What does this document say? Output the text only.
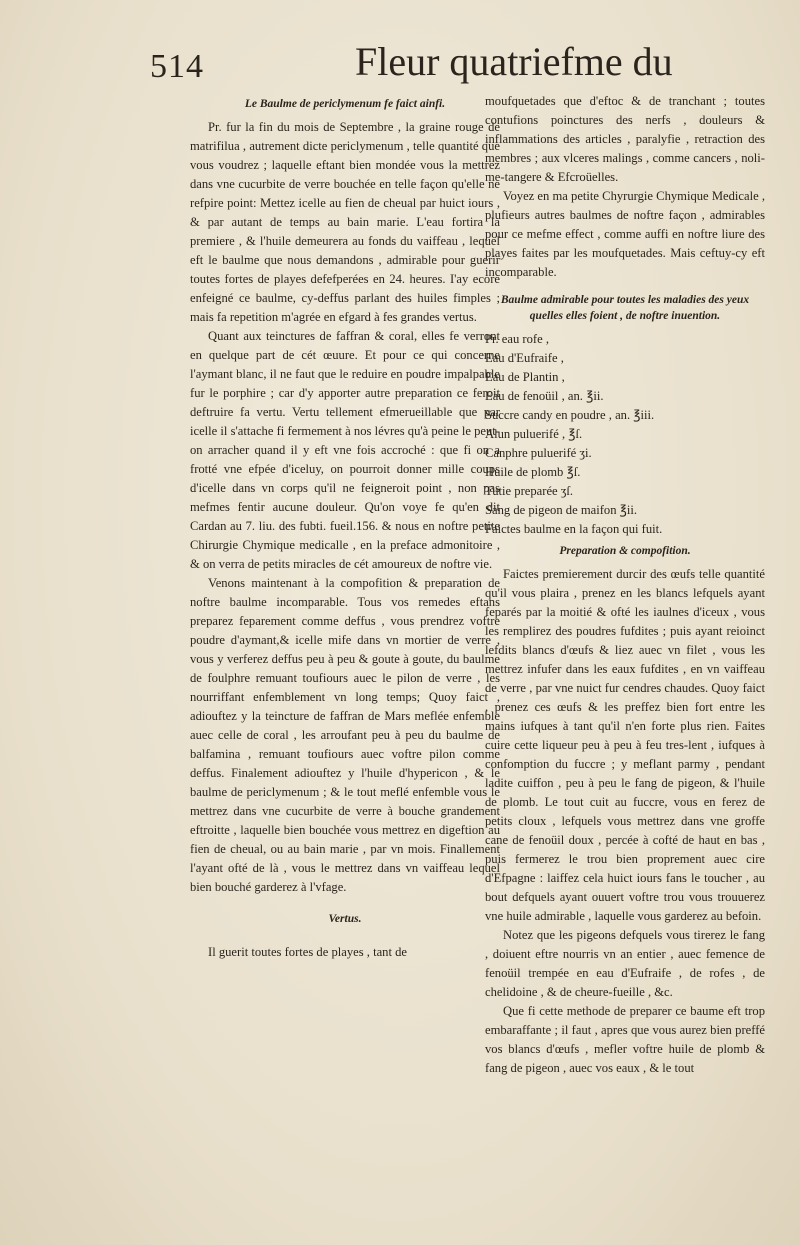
514	Fleur quatriefme du
Le Baulme de periclymenum fe faict ainfi.

Pr. fur la fin du mois de Septembre , la graine rouge de matrifilua , autrement dicte periclymenum , telle quantité que vous voudrez ; laquelle eftant bien mondée vous la mettrez dans vne cucurbite de verre bouchée en telle façon qu'elle ne refpire point: Mettez icelle au fien de cheual par huict iours , & par autant de temps au bain marie. L'eau fortira la premiere , & l'huile demeurera au fonds du vaiffeau , lequel eft le baulme que nous demandons , admirable pour guerir toutes fortes de playes defefperées en 24. heures. I'ay ecore enfeigné ce baulme, cy-deffus parlant des huiles fimples ; mais fa repetition m'agrée en efgard à fes grandes vertus.

Quant aux teinctures de faffran & coral, elles fe verront en quelque part de cét œuure. Et pour ce qui concerne l'aymant blanc, il ne faut que le reduire en poudre impalpable fur le porphire ; car d'y apporter autre preparation ce feroit deftruire fa vertu. Vertu tellement efmerueillable que par icelle il s'attache fi fermement à nos lévres qu'à peine le peut-on arracher quand il y eft vne fois accroché : que fi on a frotté vne efpée d'iceluy, on pourroit donner mille coups d'icelle dans vn corps qu'il ne feigneroit point , non pas mefmes fentir aucune douleur. Qu'on voye fe qu'en dit Cardan au 7. liu. des fubti. fueil.156. & nous en noftre petite Chirurgie Chymique medicalle , en la preface admonitoire , & on verra de petits miracles de cét amoureux de noftre vie.

Venons maintenant à la compofition & preparation de noftre baulme incomparable. Tous vos remedes eftans preparez feparement comme deffus , vous prendrez voftre poudre d'aymant,& icelle mife dans vn mortier de verre , vous y verferez deffus peu à peu & goute à goute, du baulme de foulphre remuant toufiours auec le pilon de verre , les nourriffant enfemblement vn long temps; Quoy faict , adiouftez y la teincture de faffran de Mars meflée enfemble auec celle de coral , les arroufant peu à peu du baulme de balfamina , remuant toufiours auec voftre pilon comme deffus. Finalement adiouftez y l'huile d'hypericon , & le baulme de periclymenum ; & le tout meflé enfemble vous le mettrez dans vne cucurbite de verre à bouche grandement eftroitte , laquelle bien bouchée vous mettrez en digeftion au fien de cheual, ou au bain marie , par vn mois. Finallement l'ayant ofté de là , vous le mettrez dans vn vaiffeau lequel bien bouché garderez à l'vfage.

Vertus.

Il guerit toutes fortes de playes , tant de

moufquetades que d'eftoc & de tranchant ; toutes contufions poinctures des nerfs , douleurs & inflammations des articles , paralyfie , retraction des membres ; aux vlceres malings , comme cancers , noli-me-tangere & Efcroüelles.

Voyez en ma petite Chyrurgie Chymique Medicale , plufieurs autres baulmes de noftre façon , admirables pour ce mefme effect , comme auffi en noftre liure des playes faites par les moufquetades. Mais ceftuy-cy eft incomparable.

Baulme admirable pour toutes les maladies des yeux quelles elles foient , de noftre inuention.
Pr. eau rofe ,
Eau d'Eufraife ,
Eau de Plantin ,
Eau de fenoüil , an. ℥ii.
Succre candy en poudre , an. ℥iii.
Alun puluerifé , ℥ſ.
Canphre puluerifé ʒi.
Huile de plomb ℥ſ.
Tutie preparée ʒſ.
Sang de pigeon de maifon ℥ii.
Faictes baulme en la façon qui fuit.
Preparation & compofition.

Faictes premierement durcir des œufs telle quantité qu'il vous plaira , prenez en les blancs lefquels ayant feparés par la moitié & ofté les iaulnes d'iceux , vous les remplirez des poudres fufdites ; puis ayant reioinct lefdits blancs d'œufs & liez auec vn filet , vous les mettrez infufer dans les eaux fufdites , en vn vaiffeau de verre , par vne nuict fur cendres chaudes. Quoy faict , prenez ces œufs & les preffez bien fort entre les mains iufques à tant qu'il n'en forte plus rien. Faites cuire cette liqueur peu à peu à feu tres-lent , iufques à confomption du fuccre ; y meflant parmy , pendant ladite cuiffon , peu à peu le fang de pigeon, & l'huile de plomb. Le tout cuit au fuccre, vous en ferez de petits cloux , lefquels vous mettrez dans vne groffe cane de fenoüil doux , percée à cofté de haut en bas , puis fermerez le trou bien proprement auec cire d'Efpagne : laiffez cela huict iours fans le toucher , au bout defquels ayant ouuert voftre trou vous trouuerez vne huile admirable , laquelle vous garderez au befoin.

Notez que les pigeons defquels vous tirerez le fang , doiuent eftre nourris vn an entier , auec femence de fenoüil trempée en eau d'Eufraife , de rofes , de chelidoine , & de cheure-fueille , &c.

Que fi cette methode de preparer ce baume eft trop embaraffante ; il faut , apres que vous aurez bien preffé vos blancs d'œufs , mefler voftre huile de plomb & fang de pigeon , auec vos eaux , & le tout
